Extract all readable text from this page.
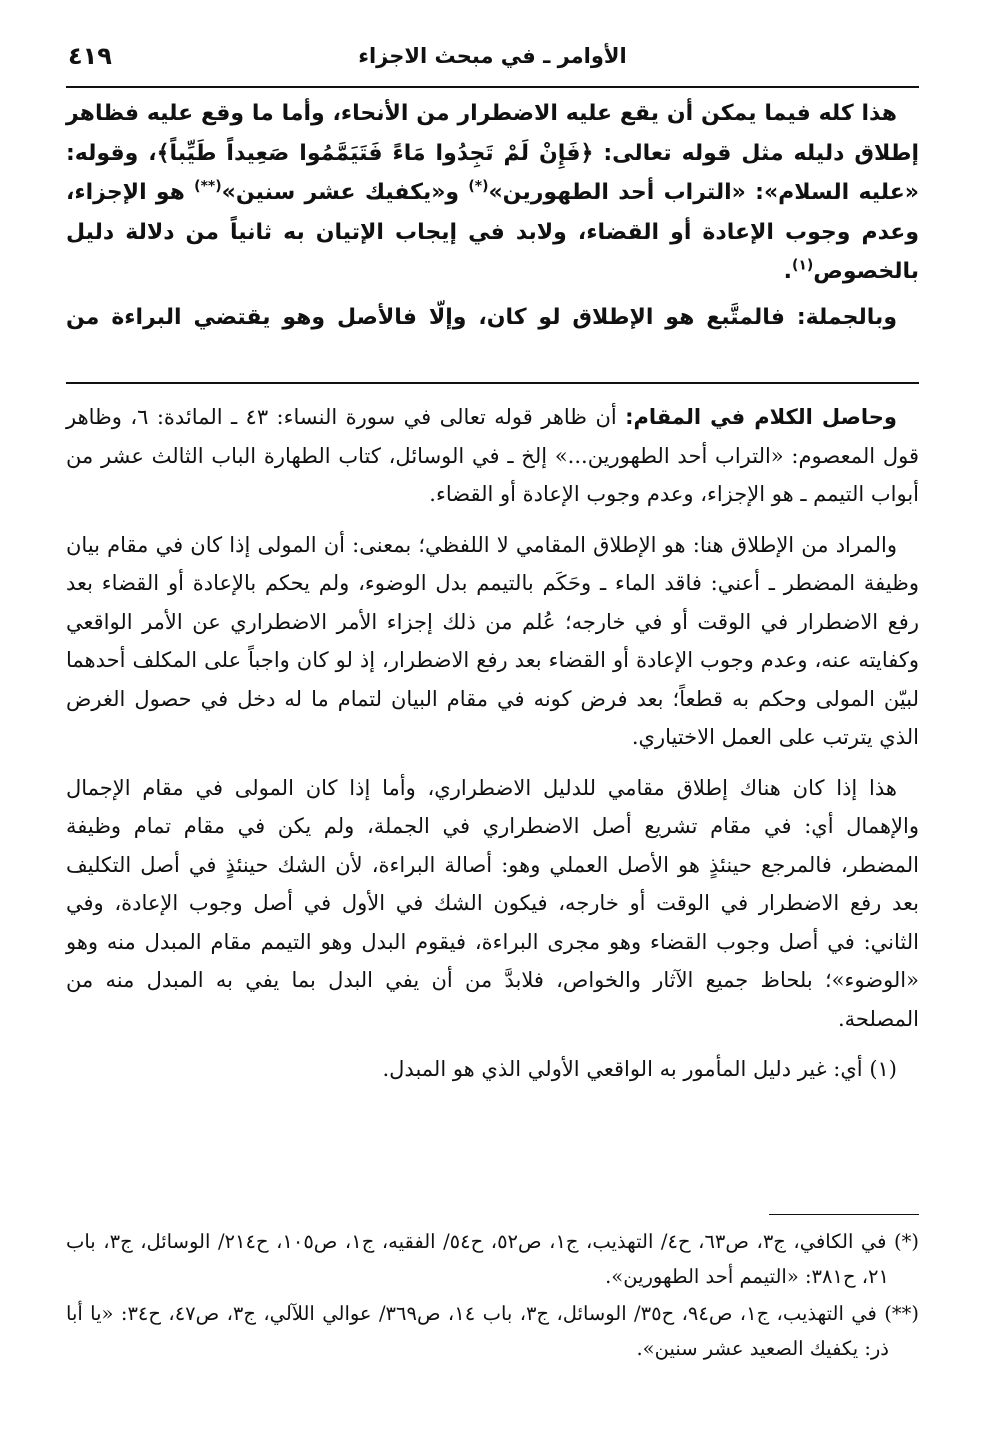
الأوامر ـ في مبحث الاجزاء
٤١٩

هذا كله فيما يمكن أن يقع عليه الاضطرار من الأنحاء، وأما ما وقع عليه فظاهر إطلاق دليله مثل قوله تعالى: ﴿فَإِنْ لَمْ تَجِدُوا مَاءً فَتَيَمَّمُوا صَعِيداً طَيِّباً﴾، وقوله: «عليه السلام»: «التراب أحد الطهورين»(*) و«يكفيك عشر سنين»(**) هو الإجزاء، وعدم وجوب الإعادة أو القضاء، ولابد في إيجاب الإتيان به ثانياً من دلالة دليل بالخصوص$^{(١)}$.

وبالجملة: فالمتَّبع هو الإطلاق لو كان، وإلّا فالأصل وهو يقتضي البراءة من

وحاصل الكلام في المقام: أن ظاهر قوله تعالى في سورة النساء: ٤٣ ـ المائدة: ٦، وظاهر قول المعصوم: «التراب أحد الطهورين...» إلخ ـ في الوسائل، كتاب الطهارة الباب الثالث عشر من أبواب التيمم ـ هو الإجزاء، وعدم وجوب الإعادة أو القضاء.

والمراد من الإطلاق هنا: هو الإطلاق المقامي لا اللفظي؛ بمعنى: أن المولى إذا كان في مقام بيان وظيفة المضطر ـ أعني: فاقد الماء ـ وحَكَم بالتيمم بدل الوضوء، ولم يحكم بالإعادة أو القضاء بعد رفع الاضطرار في الوقت أو في خارجه؛ عُلم من ذلك إجزاء الأمر الاضطراري عن الأمر الواقعي وكفايته عنه، وعدم وجوب الإعادة أو القضاء بعد رفع الاضطرار، إذ لو كان واجباً على المكلف أحدهما لبيّن المولى وحكم به قطعاً؛ بعد فرض كونه في مقام البيان لتمام ما له دخل في حصول الغرض الذي يترتب على العمل الاختياري.

هذا إذا كان هناك إطلاق مقامي للدليل الاضطراري، وأما إذا كان المولى في مقام الإجمال والإهمال أي: في مقام تشريع أصل الاضطراري في الجملة، ولم يكن في مقام تمام وظيفة المضطر، فالمرجع حينئذٍ هو الأصل العملي وهو: أصالة البراءة، لأن الشك حينئذٍ في أصل التكليف بعد رفع الاضطرار في الوقت أو خارجه، فيكون الشك في الأول في أصل وجوب الإعادة، وفي الثاني: في أصل وجوب القضاء وهو مجرى البراءة، فيقوم البدل وهو التيمم مقام المبدل منه وهو «الوضوء»؛ بلحاظ جميع الآثار والخواص، فلابدَّ من أن يفي البدل بما يفي به المبدل منه من المصلحة.

(١) أي: غير دليل المأمور به الواقعي الأولي الذي هو المبدل.

(*) في الكافي، ج٣، ص٦٣، ح٤/ التهذيب، ج١، ص٥٢، ح٥٤/ الفقيه، ج١، ص١٠٥، ح٢١٤/ الوسائل، ج٣، باب ٢١، ح٣٨١: «التيمم أحد الطهورين».

(**) في التهذيب، ج١، ص٩٤، ح٣٥/ الوسائل، ج٣، باب ١٤، ص٣٦٩/ عوالي اللآلي، ج٣، ص٤٧، ح٣٤: «يا أبا ذر: يكفيك الصعيد عشر سنين».
